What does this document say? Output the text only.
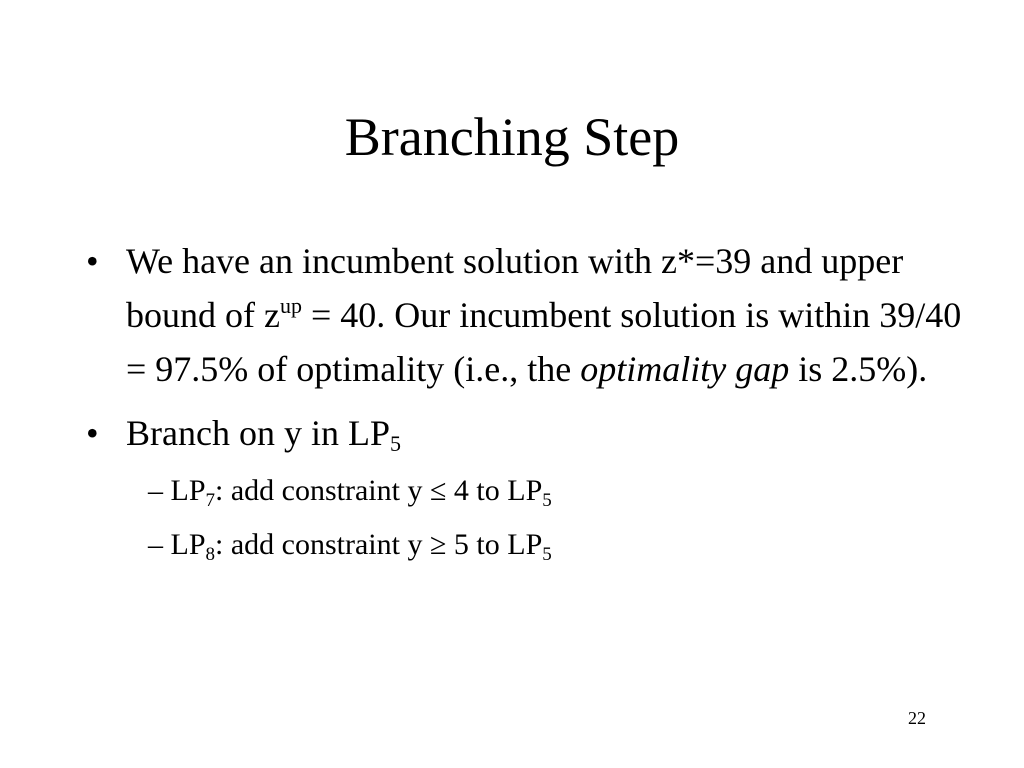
Branching Step
• We have an incumbent solution with z*=39 and upper bound of $z^{up} = 40$. Our incumbent solution is within 39/40 = 97.5% of optimality (i.e., the optimality gap is 2.5%).
• Branch on y in $LP_5$
– $LP_7$: add constraint y ≤ 4 to $LP_5$
– $LP_8$: add constraint y ≥ 5 to $LP_5$
22
